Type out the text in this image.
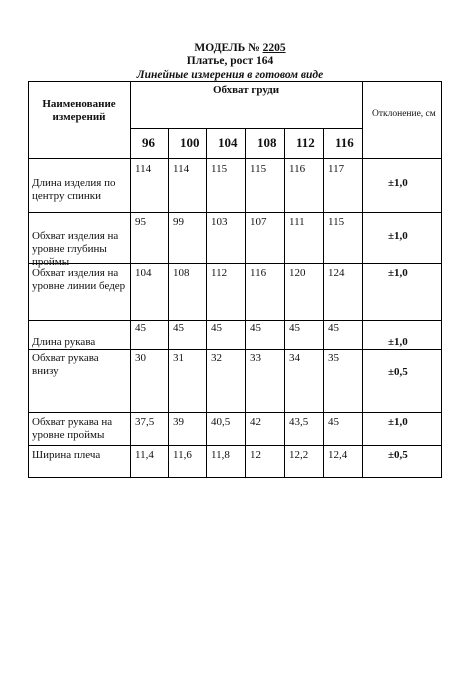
МОДЕЛЬ № 2205
Платье, рост 164
Линейные измерения в готовом виде
Наименование измерений
Обхват груди
Отклонение, см
96	100	104	108	112	116
Длина изделия по центру спинки
114	114	115	115	116	117
±1,0
Обхват изделия на уровне глубины проймы
95	99	103	107	111	115
±1,0
Обхват изделия на уровне линии бедер
104	108	112	116	120	124	±1,0
Длина рукава
45	45	45	45	45	45
±1,0
Обхват рукава внизу
30	31	32	33	34	35
±0,5
Обхват рукава на уровне проймы
37,5	39	40,5	42	43,5	45	±1,0
Ширина плеча	11,4	11,6	11,8	12	12,2	12,4	±0,5
